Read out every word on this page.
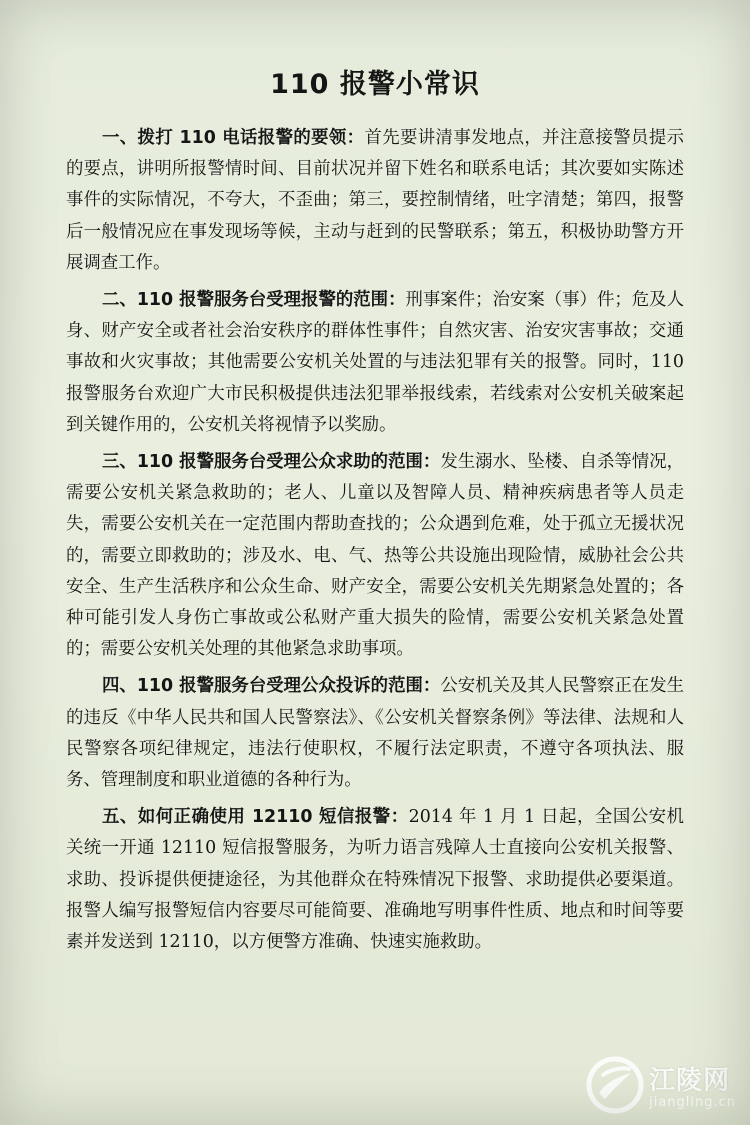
110 报警小常识

一、拨打 110 电话报警的要领：首先要讲清事发地点，并注意接警员提示的要点，讲明所报警情时间、目前状况并留下姓名和联系电话；其次要如实陈述事件的实际情况，不夸大，不歪曲；第三，要控制情绪，吐字清楚；第四，报警后一般情况应在事发现场等候，主动与赶到的民警联系；第五，积极协助警方开展调查工作。

二、110 报警服务台受理报警的范围：刑事案件；治安案（事）件；危及人身、财产安全或者社会治安秩序的群体性事件；自然灾害、治安灾害事故；交通事故和火灾事故；其他需要公安机关处置的与违法犯罪有关的报警。同时，110 报警服务台欢迎广大市民积极提供违法犯罪举报线索，若线索对公安机关破案起到关键作用的，公安机关将视情予以奖励。

三、110 报警服务台受理公众求助的范围：发生溺水、坠楼、自杀等情况，需要公安机关紧急救助的；老人、儿童以及智障人员、精神疾病患者等人员走失，需要公安机关在一定范围内帮助查找的；公众遇到危难，处于孤立无援状况的，需要立即救助的；涉及水、电、气、热等公共设施出现险情，威胁社会公共安全、生产生活秩序和公众生命、财产安全，需要公安机关先期紧急处置的；各种可能引发人身伤亡事故或公私财产重大损失的险情，需要公安机关紧急处置的；需要公安机关处理的其他紧急求助事项。

四、110 报警服务台受理公众投诉的范围：公安机关及其人民警察正在发生的违反《中华人民共和国人民警察法》、《公安机关督察条例》等法律、法规和人民警察各项纪律规定，违法行使职权，不履行法定职责，不遵守各项执法、服务、管理制度和职业道德的各种行为。

五、如何正确使用 12110 短信报警：2014 年 1 月 1 日起，全国公安机关统一开通 12110 短信报警服务，为听力语言残障人士直接向公安机关报警、求助、投诉提供便捷途径，为其他群众在特殊情况下报警、求助提供必要渠道。报警人编写报警短信内容要尽可能简要、准确地写明事件性质、地点和时间等要素并发送到 12110，以方便警方准确、快速实施救助。

江陵网
jiangling.cn
